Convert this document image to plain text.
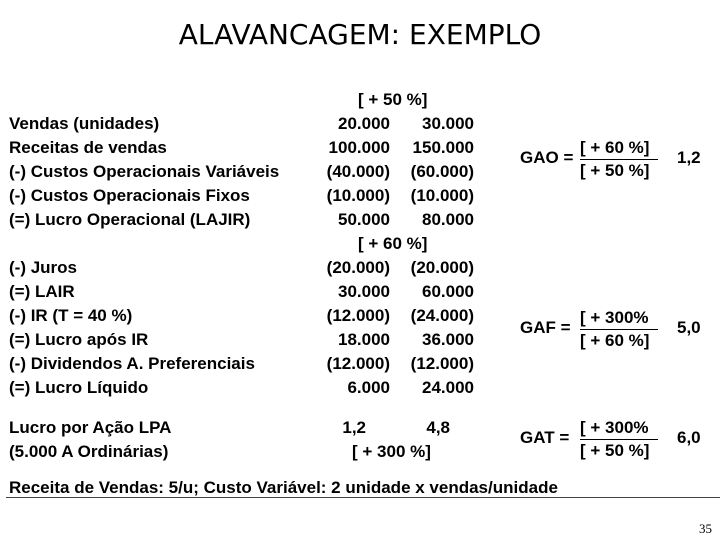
ALAVANCAGEM: EXEMPLO
[ + 50 %]
Vendas (unidades)	20.000 30.000
Receitas de vendas	100.000 150.000
(-) Custos Operacionais Variáveis	(40.000) (60.000)
(-) Custos Operacionais Fixos	(10.000) (10.000)
(=) Lucro Operacional (LAJIR)	50.000 80.000
[ + 60 %]
(-) Juros	(20.000) (20.000)
(=) LAIR	30.000 60.000
(-) IR (T = 40 %)	(12.000) (24.000)
(=) Lucro após IR	18.000 36.000
(-) Dividendos A. Preferenciais	(12.000) (12.000)
(=) Lucro Líquido	6.000 24.000
Lucro por Ação LPA	1,2	4,8
(5.000 A Ordinárias)	[ + 300 %]
GAO = $\frac{[ + 60 \%]}{[ + 50 \%]} 1,2$
GAF = $\frac{[ + 300\%}{[ + 60 \%]} 5,0$
GAT = $\frac{[ + 300\%}{[ + 50 \%]} 6,0$
Receita de Vendas: 5/u; Custo Variável: 2 unidade x vendas/unidade
35
